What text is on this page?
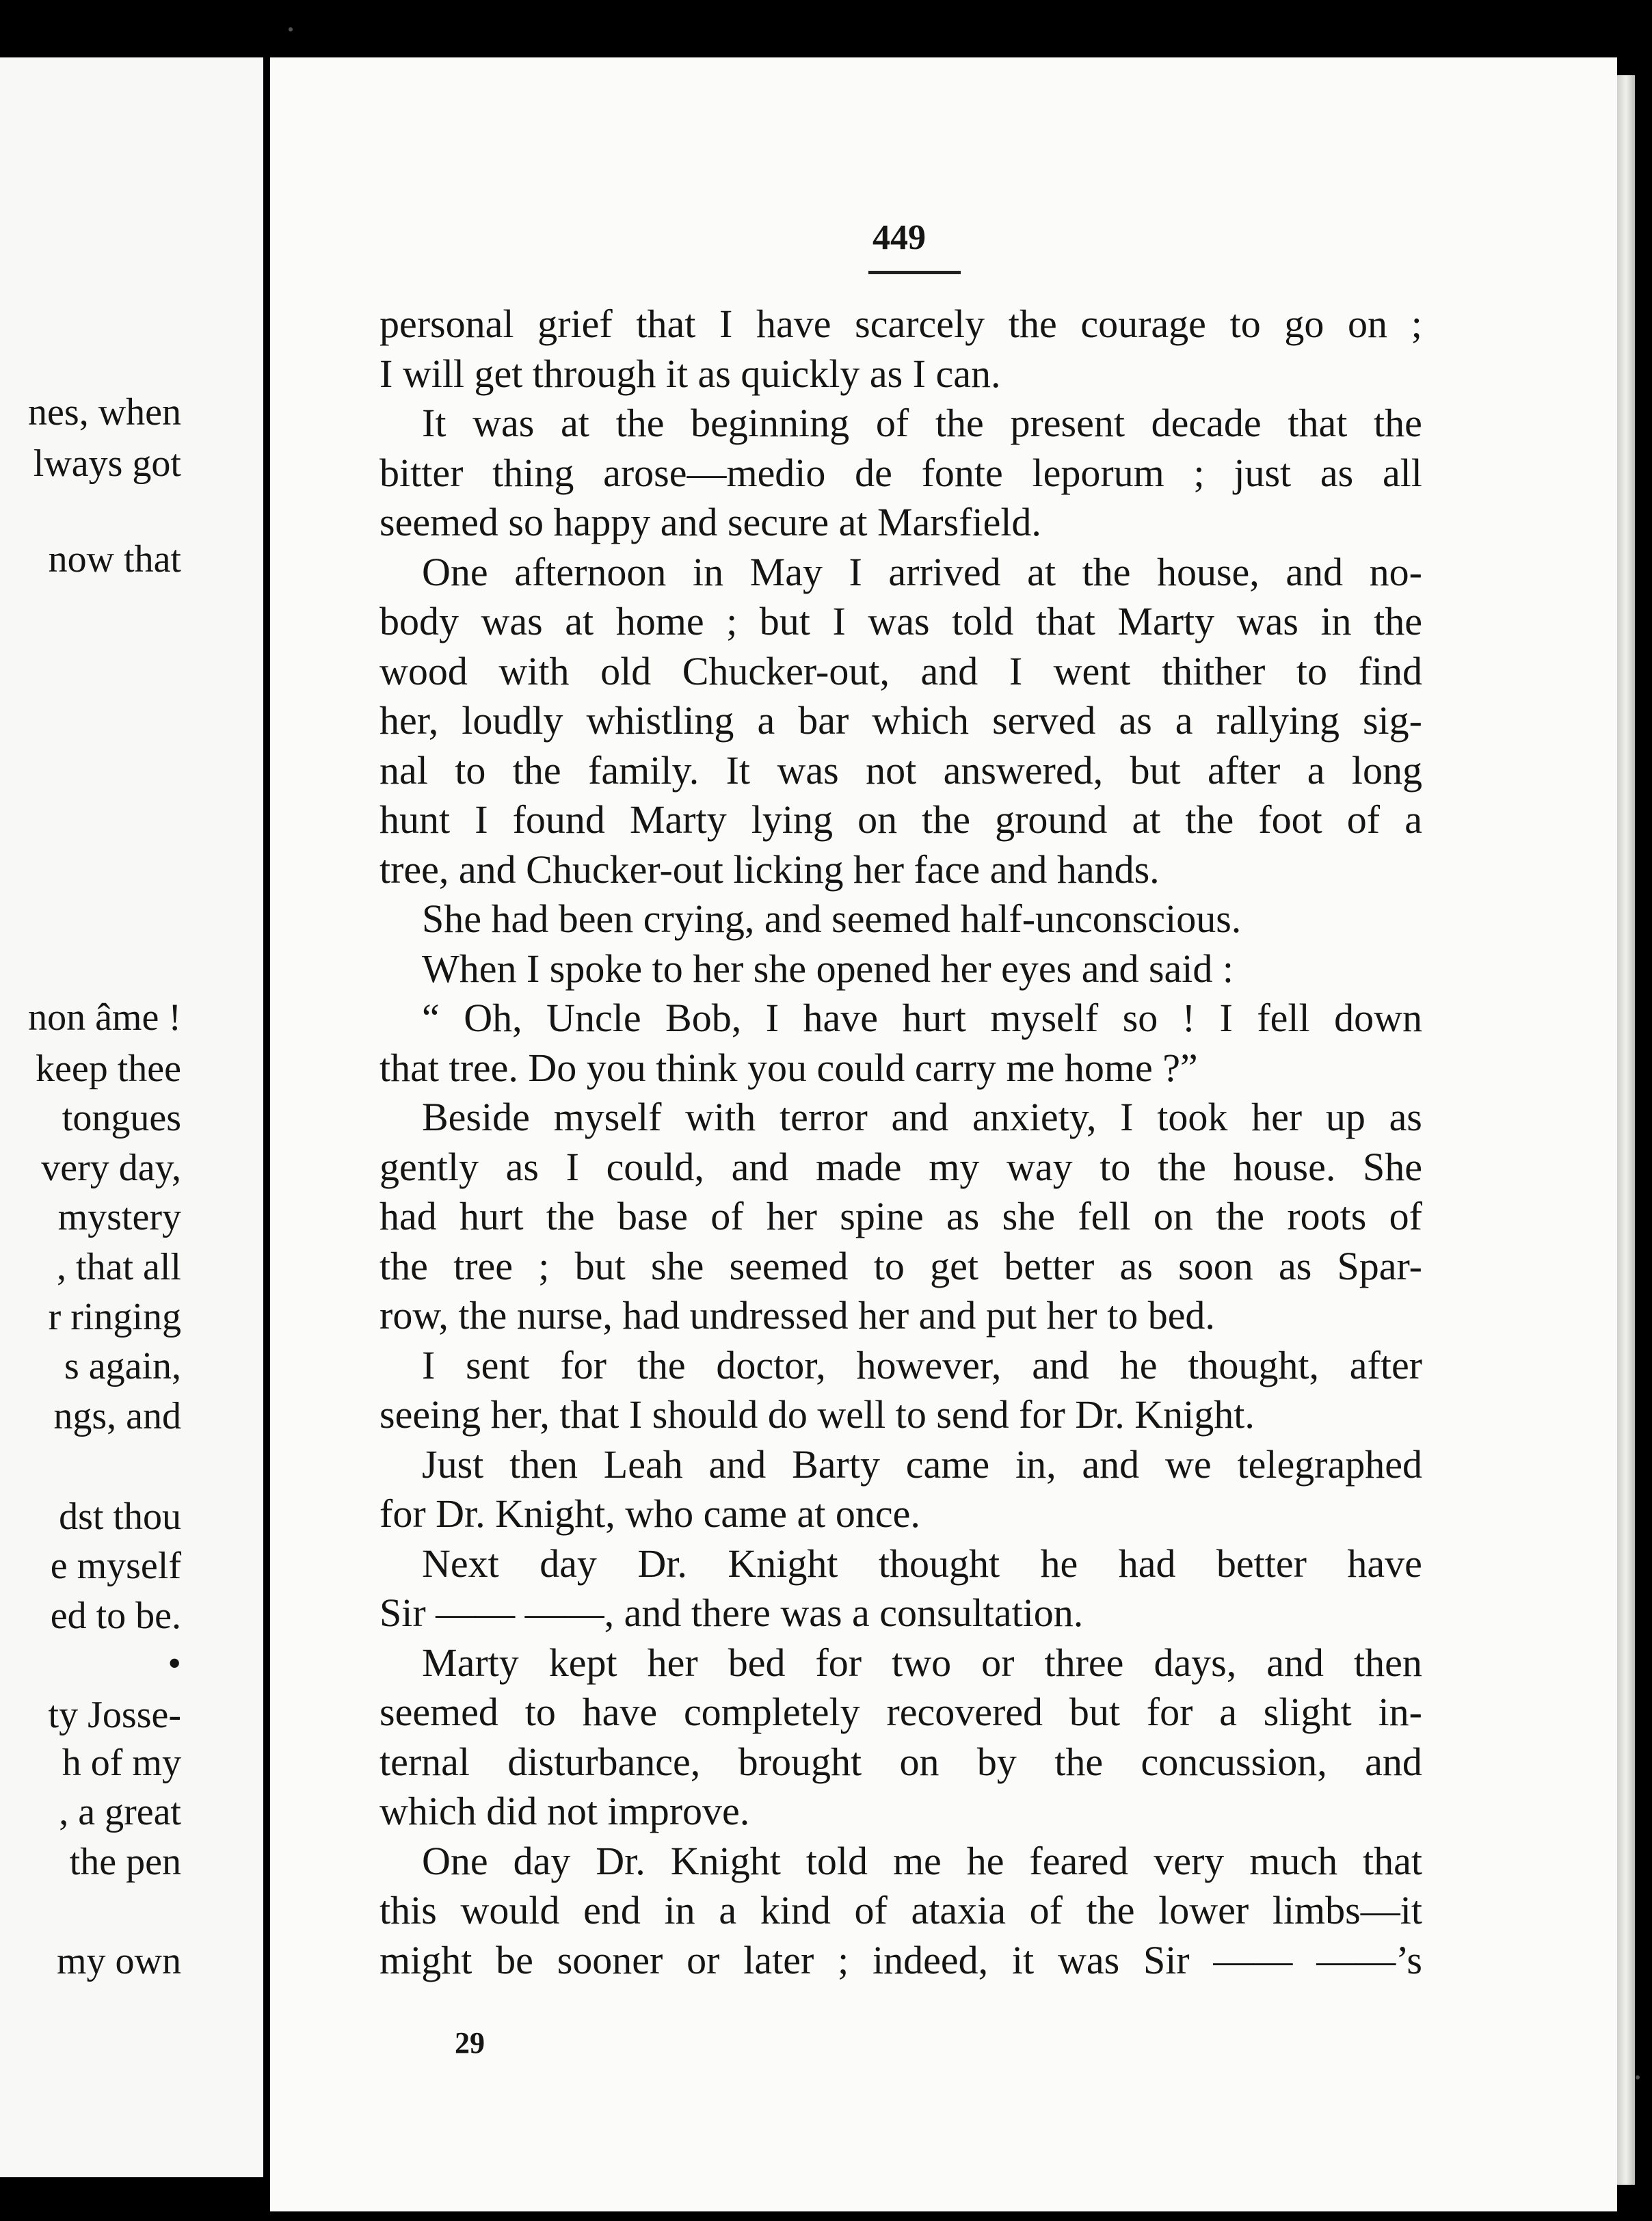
nes, when
lways got
now that
non âme !
keep thee
tongues
very day,
mystery
, that all
r ringing
s again,
ngs, and
dst thou
e myself
ed to be.
•
ty Josse-
h of my
, a great
the pen
my own
449
personal grief that I have scarcely the courage to go on ;
I will get through it as quickly as I can.
It was at the beginning of the present decade that the
bitter thing arose—medio de fonte leporum ; just as all
seemed so happy and secure at Marsfield.
One afternoon in May I arrived at the house, and no-
body was at home ; but I was told that Marty was in the
wood with old Chucker-out, and I went thither to find
her, loudly whistling a bar which served as a rallying sig-
nal to the family. It was not answered, but after a long
hunt I found Marty lying on the ground at the foot of a
tree, and Chucker-out licking her face and hands.
She had been crying, and seemed half-unconscious.
When I spoke to her she opened her eyes and said :
“ Oh, Uncle Bob, I have hurt myself so ! I fell down
that tree. Do you think you could carry me home ?”
Beside myself with terror and anxiety, I took her up as
gently as I could, and made my way to the house. She
had hurt the base of her spine as she fell on the roots of
the tree ; but she seemed to get better as soon as Spar-
row, the nurse, had undressed her and put her to bed.
I sent for the doctor, however, and he thought, after
seeing her, that I should do well to send for Dr. Knight.
Just then Leah and Barty came in, and we telegraphed
for Dr. Knight, who came at once.
Next day Dr. Knight thought he had better have
Sir —— ——, and there was a consultation.
Marty kept her bed for two or three days, and then
seemed to have completely recovered but for a slight in-
ternal disturbance, brought on by the concussion, and
which did not improve.
One day Dr. Knight told me he feared very much that
this would end in a kind of ataxia of the lower limbs—it
might be sooner or later ; indeed, it was Sir —— ——’s
29
